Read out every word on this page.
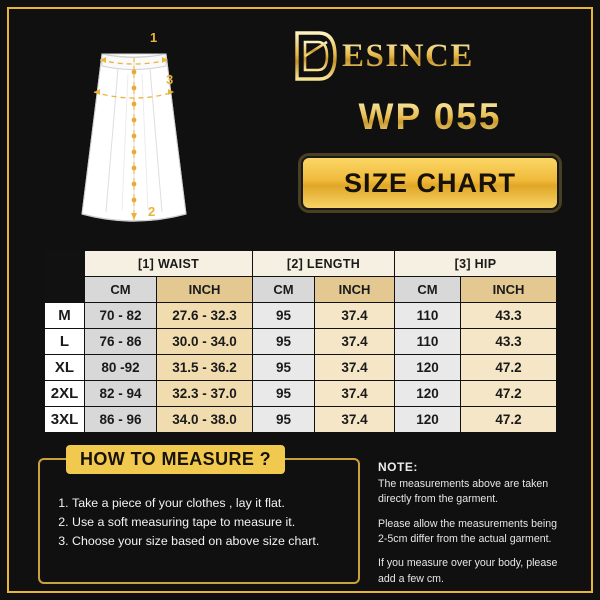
1
3
2
ESINCE
WP 055
SIZE CHART
	[1] WAIST		[2] LENGTH		[3] HIP	
	CM	INCH	CM	INCH	CM	INCH
M	70 - 82	27.6 - 32.3	95	37.4	110	43.3
L	76 - 86	30.0 - 34.0	95	37.4	110	43.3
XL	80 -92	31.5 - 36.2	95	37.4	120	47.2
2XL	82 - 94	32.3 - 37.0	95	37.4	120	47.2
3XL	86 - 96	34.0 - 38.0	95	37.4	120	47.2
HOW TO MEASURE ?
1. Take a piece of your clothes , lay it flat.
2. Use a soft measuring tape to measure it.
3. Choose your size based on above size chart.
NOTE:

The measurements above are taken directly from the garment.

Please allow the measurements being 2-5cm differ from the actual garment.

If you measure over your body, please add a few cm.
